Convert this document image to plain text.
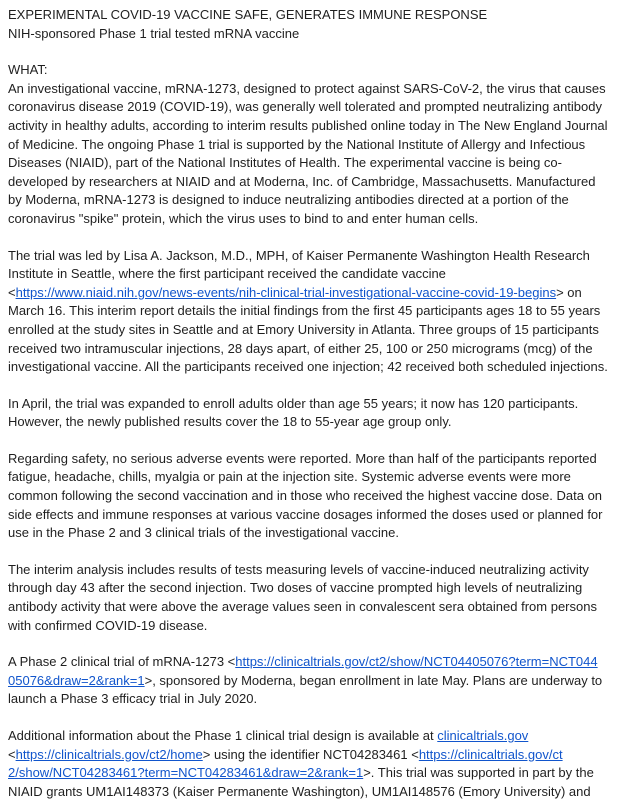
EXPERIMENTAL COVID-19 VACCINE SAFE, GENERATES IMMUNE RESPONSE

NIH-sponsored Phase 1 trial tested mRNA vaccine

WHAT:

An investigational vaccine, mRNA-1273, designed to protect against SARS-CoV-2, the virus that causes coronavirus disease 2019 (COVID-19), was generally well tolerated and prompted neutralizing antibody activity in healthy adults, according to interim results published online today in The New England Journal of Medicine. The ongoing Phase 1 trial is supported by the National Institute of Allergy and Infectious Diseases (NIAID), part of the National Institutes of Health. The experimental vaccine is being co-developed by researchers at NIAID and at Moderna, Inc. of Cambridge, Massachusetts. Manufactured by Moderna, mRNA-1273 is designed to induce neutralizing antibodies directed at a portion of the coronavirus "spike" protein, which the virus uses to bind to and enter human cells.

The trial was led by Lisa A. Jackson, M.D., MPH, of Kaiser Permanente Washington Health Research Institute in Seattle, where the first participant received the candidate vaccine <https://www.niaid.nih.gov/news-events/nih-clinical-trial-investigational-vaccine-covid-19-begins> on March 16. This interim report details the initial findings from the first 45 participants ages 18 to 55 years enrolled at the study sites in Seattle and at Emory University in Atlanta. Three groups of 15 participants received two intramuscular injections, 28 days apart, of either 25, 100 or 250 micrograms (mcg) of the investigational vaccine. All the participants received one injection; 42 received both scheduled injections.

In April, the trial was expanded to enroll adults older than age 55 years; it now has 120 participants. However, the newly published results cover the 18 to 55-year age group only.

Regarding safety, no serious adverse events were reported. More than half of the participants reported fatigue, headache, chills, myalgia or pain at the injection site. Systemic adverse events were more common following the second vaccination and in those who received the highest vaccine dose. Data on side effects and immune responses at various vaccine dosages informed the doses used or planned for use in the Phase 2 and 3 clinical trials of the investigational vaccine.

The interim analysis includes results of tests measuring levels of vaccine-induced neutralizing activity through day 43 after the second injection. Two doses of vaccine prompted high levels of neutralizing antibody activity that were above the average values seen in convalescent sera obtained from persons with confirmed COVID-19 disease.

A Phase 2 clinical trial of mRNA-1273 <https://clinicaltrials.gov/ct2/show/NCT04405076?term=NCT044
05076&draw=2&rank=1>, sponsored by Moderna, began enrollment in late May. Plans are underway to launch a Phase 3 efficacy trial in July 2020.

Additional information about the Phase 1 clinical trial design is available at clinicaltrials.gov
<https://clinicaltrials.gov/ct2/home> using the identifier NCT04283461 <https://clinicaltrials.gov/ct
2/show/NCT04283461?term=NCT04283461&draw=2&rank=1>. This trial was supported in part by the NIAID grants UM1AI148373 (Kaiser Permanente Washington), UM1AI148576 (Emory University) and
